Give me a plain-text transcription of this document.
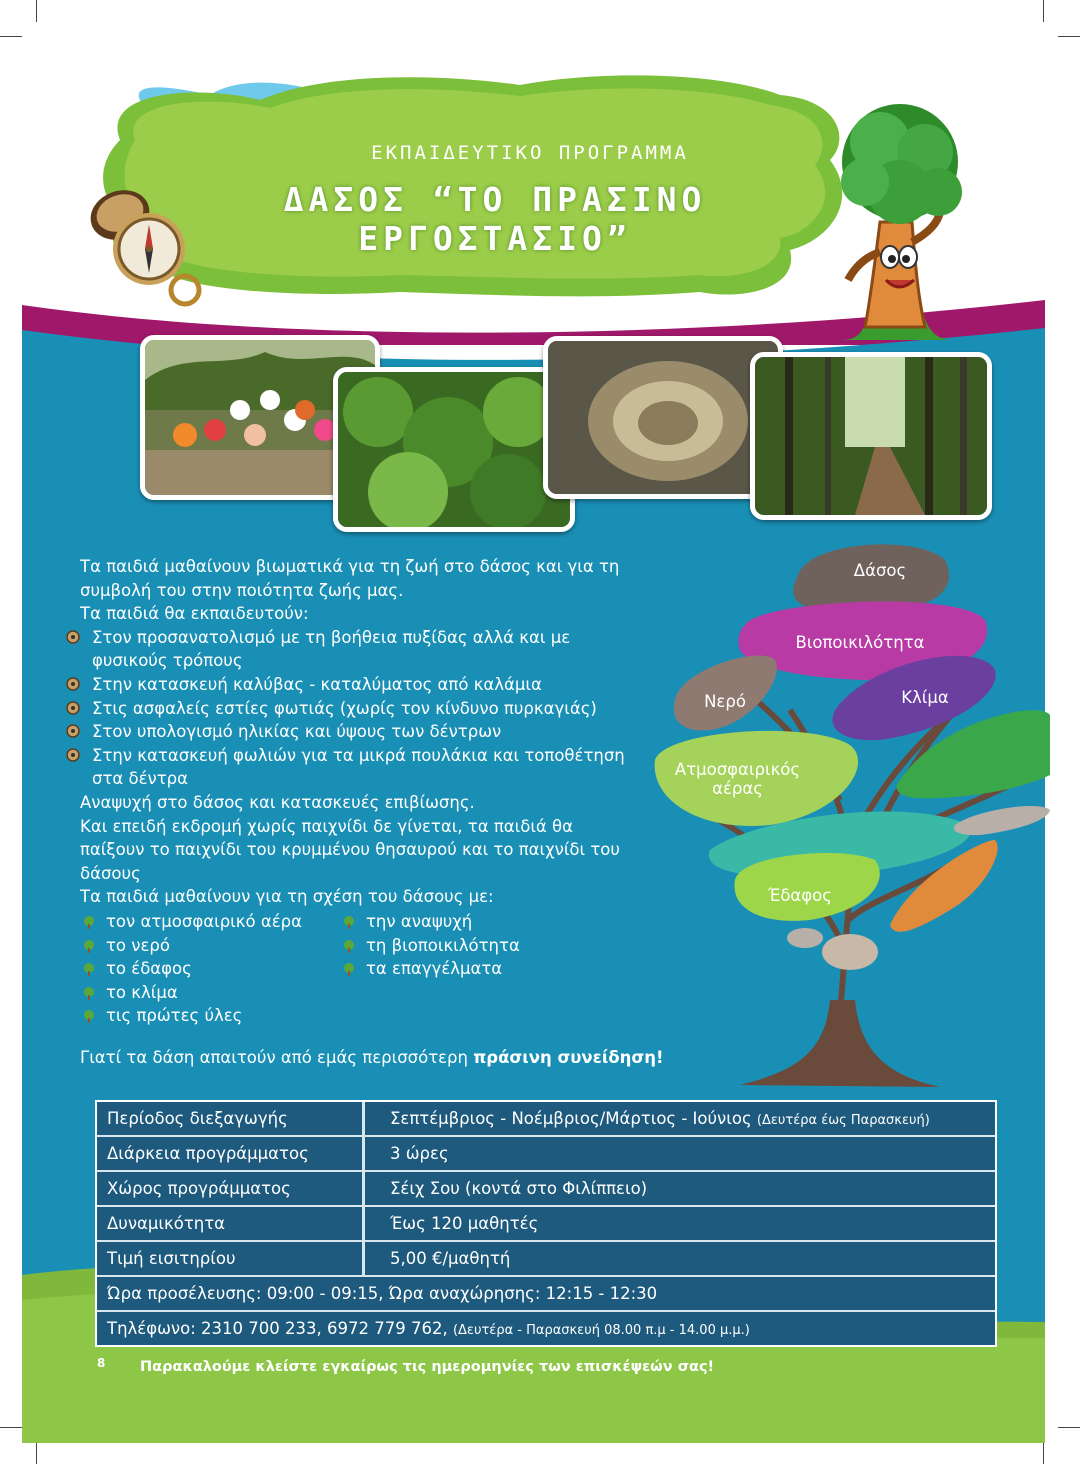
ΕΚΠΑΙΔΕΥΤΙΚΟ ΠΡΟΓΡΑΜΜΑ
ΔΑΣΟΣ “ΤΟ ΠΡΑΣΙΝΟ ΕΡΓΟΣΤΑΣΙΟ”

Τα παιδιά μαθαίνουν βιωματικά για τη ζωή στο δάσος και για τη συμβολή του στην ποιότητα ζωής μας.

Τα παιδιά θα εκπαιδευτούν:

Στον προσανατολισμό με τη βοήθεια πυξίδας αλλά και με φυσικούς τρόπους
Στην κατασκευή καλύβας - καταλύματος από καλάμια
Στις ασφαλείς εστίες φωτιάς (χωρίς τον κίνδυνο πυρκαγιάς)
Στον υπολογισμό ηλικίας και ύψους των δέντρων
Στην κατασκευή φωλιών για τα μικρά πουλάκια και τοποθέτηση στα δέντρα

Αναψυχή στο δάσος και κατασκευές επιβίωσης.

Και επειδή εκδρομή χωρίς παιχνίδι δε γίνεται, τα παιδιά θα παίξουν το παιχνίδι του κρυμμένου θησαυρού και το παιχνίδι του δάσους

Τα παιδιά μαθαίνουν για τη σχέση του δάσους με:

τον ατμοσφαιρικό αέρα
το νερό
το έδαφος
το κλίμα
τις πρώτες ύλες
την αναψυχή
τη βιοποικιλότητα
τα επαγγέλματα
Γιατί τα δάση απαιτούν από εμάς περισσότερη πράσινη συνείδηση!
Δάσος
Βιοποικιλότητα
Νερό	Κλίμα
Ατμοσφαιρικός αέρας
Έδαφος
Περίοδος διεξαγωγής	Σεπτέμβριος - Νοέμβριος/Μάρτιος - Ιούνιος (Δευτέρα έως Παρασκευή)
Διάρκεια προγράμματος	3 ώρες
Χώρος προγράμματος	Σέιχ Σου (κοντά στο Φιλίππειο)
Δυναμικότητα	Έως 120 μαθητές
Τιμή εισιτηρίου	5,00 €/μαθητή
Ώρα προσέλευσης: 09:00 - 09:15, Ώρα αναχώρησης: 12:15 - 12:30
Τηλέφωνο: 2310 700 233, 6972 779 762, (Δευτέρα - Παρασκευή 08.00 π.μ - 14.00 μ.μ.)
8 Παρακαλούμε κλείστε εγκαίρως τις ημερομηνίες των επισκέψεών σας!
